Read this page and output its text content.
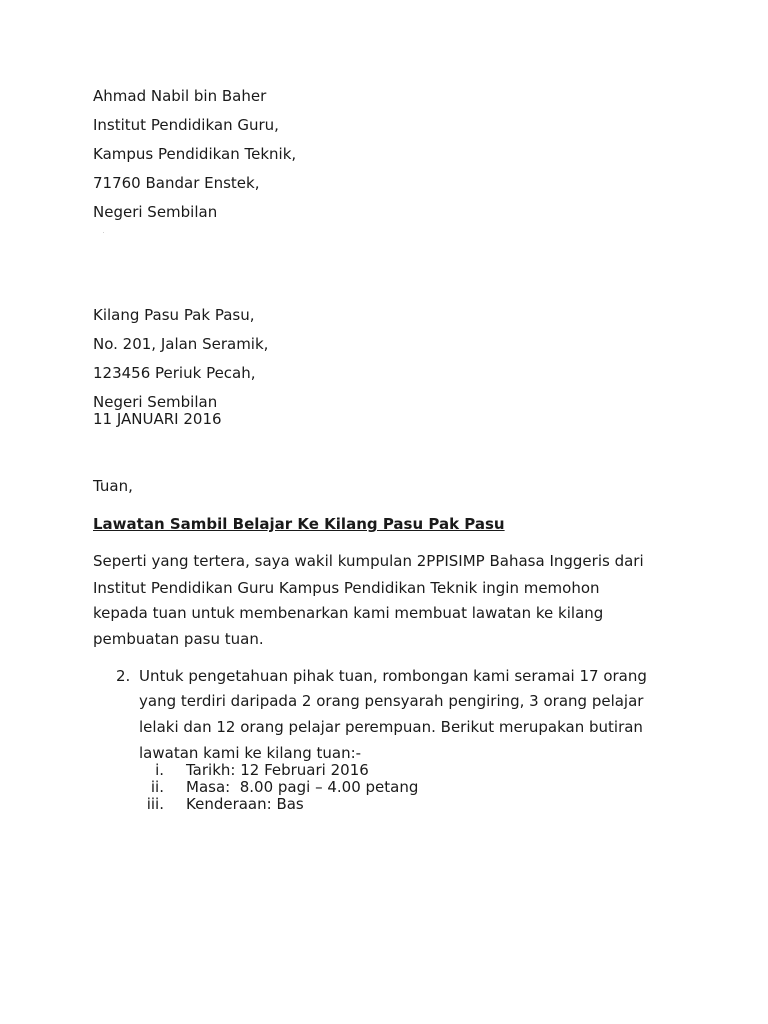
Ahmad Nabil bin Baher
Institut Pendidikan Guru,
Kampus Pendidikan Teknik,
71760 Bandar Enstek,
Negeri Sembilan
Kilang Pasu Pak Pasu,
No. 201, Jalan Seramik,
123456 Periuk Pecah,
Negeri Sembilan
11 JANUARI 2016
Tuan,
Lawatan Sambil Belajar Ke Kilang Pasu Pak Pasu
Seperti yang tertera, saya wakil kumpulan 2PPISIMP Bahasa Inggeris dari
Institut Pendidikan Guru Kampus Pendidikan Teknik ingin memohon
kepada tuan untuk membenarkan kami membuat lawatan ke kilang
pembuatan pasu tuan.
2. Untuk pengetahuan pihak tuan, rombongan kami seramai 17 orang
yang terdiri daripada 2 orang pensyarah pengiring, 3 orang pelajar
lelaki dan 12 orang pelajar perempuan. Berikut merupakan butiran
lawatan kami ke kilang tuan:-
i. Tarikh: 12 Februari 2016
ii. Masa:  8.00 pagi – 4.00 petang
iii. Kenderaan: Bas
